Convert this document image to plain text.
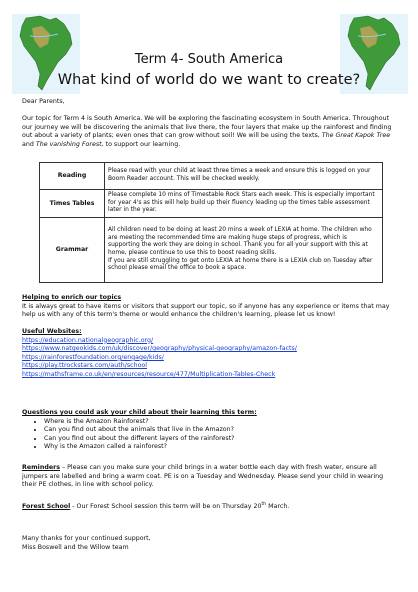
Term 4- South America
What kind of world do we want to create?
Dear Parents,
Our topic for Term 4 is South America. We will be exploring the fascinating ecosystem in South America. Throughout our journey we will be discovering the animals that live there, the four layers that make up the rainforest and finding out about a variety of plants; even ones that can grow without soil! We will be using the texts, The Great Kapok Tree and The vanishing Forest, to support our learning.
Reading	Please read with your child at least three times a week and ensure this is logged on your Boom Reader account. This will be checked weekly.
Times Tables	Please complete 10 mins of Timestable Rock Stars each week. This is especially important for year 4's as this will help build up their fluency leading up the times table assessment later in the year.
Grammar	All children need to be doing at least 20 mins a week of LEXIA at home. The children who are meeting the recommended time are making huge steps of progress, which is supporting the work they are doing in school. Thank you for all your support with this at home, please continue to use this to boost reading skills.
If you are still struggling to get onto LEXIA at home there is a LEXIA club on Tuesday after school please email the office to book a space.
Helping to enrich our topics
It is always great to have items or visitors that support our topic, so if anyone has any experience or items that may help us with any of this term's theme or would enhance the children's learning, please let us know!
Useful Websites:
https://education.nationalgeographic.org/
https://www.natgeokids.com/uk/discover/geography/physical-geography/amazon-facts/
https://rainforestfoundation.org/engage/kids/
https://play.ttrockstars.com/auth/school
https://mathsframe.co.uk/en/resources/resource/477/Multiplication-Tables-Check
Questions you could ask your child about their learning this term:
• Where is the Amazon Rainforest?
• Can you find out about the animals that live in the Amazon?
• Can you find out about the different layers of the rainforest?
• Why is the Amazon called a rainforest?
Reminders – Please can you make sure your child brings in a water bottle each day with fresh water, ensure all jumpers are labelled and bring a warm coat. PE is on a Tuesday and Wednesday. Please send your child in wearing their PE clothes, in line with school policy.
Forest School - Our Forest School session this term will be on Thursday 20th March.
Many thanks for your continued support,
Miss Boswell and the Willow team
